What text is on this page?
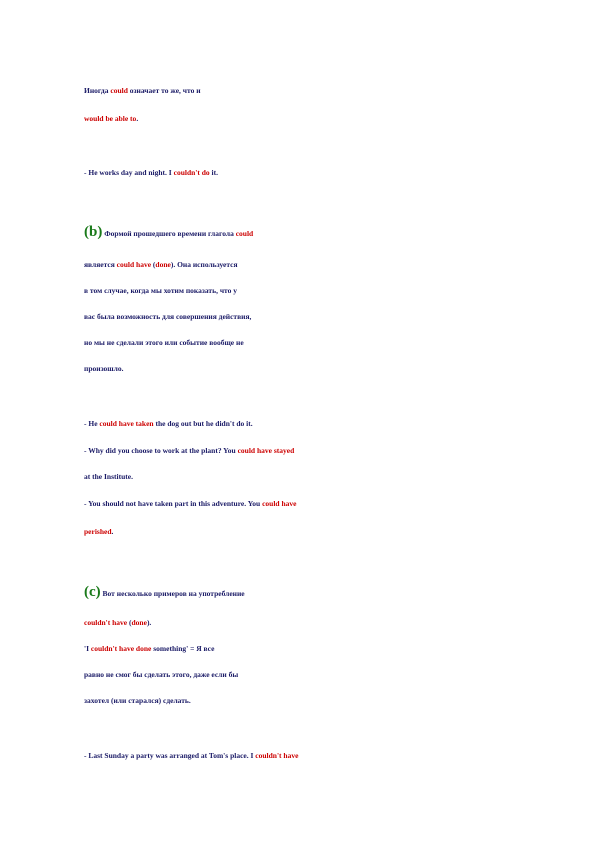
Иногда could означает то же, что и
would be able to.
- He works day and night. I couldn't do it.
(b) Формой прошедшего времени глагола could
является could have (done). Она используется
в том случае, когда мы хотим показать, что у
вас была возможность для совершения действия,
но мы не сделали этого или событие вообще не
произошло.
- He could have taken the dog out but he didn't do it.
- Why did you choose to work at the plant? You could have stayed
at the Institute.
- You should not have taken part in this adventure. You could have
perished.
(c) Вот несколько примеров на употребление
couldn't have (done).
'I couldn't have done something' = Я все
равно не смог бы сделать этого, даже если бы
захотел (или старался) сделать.
- Last Sunday a party was arranged at Tom's place. I couldn't have
